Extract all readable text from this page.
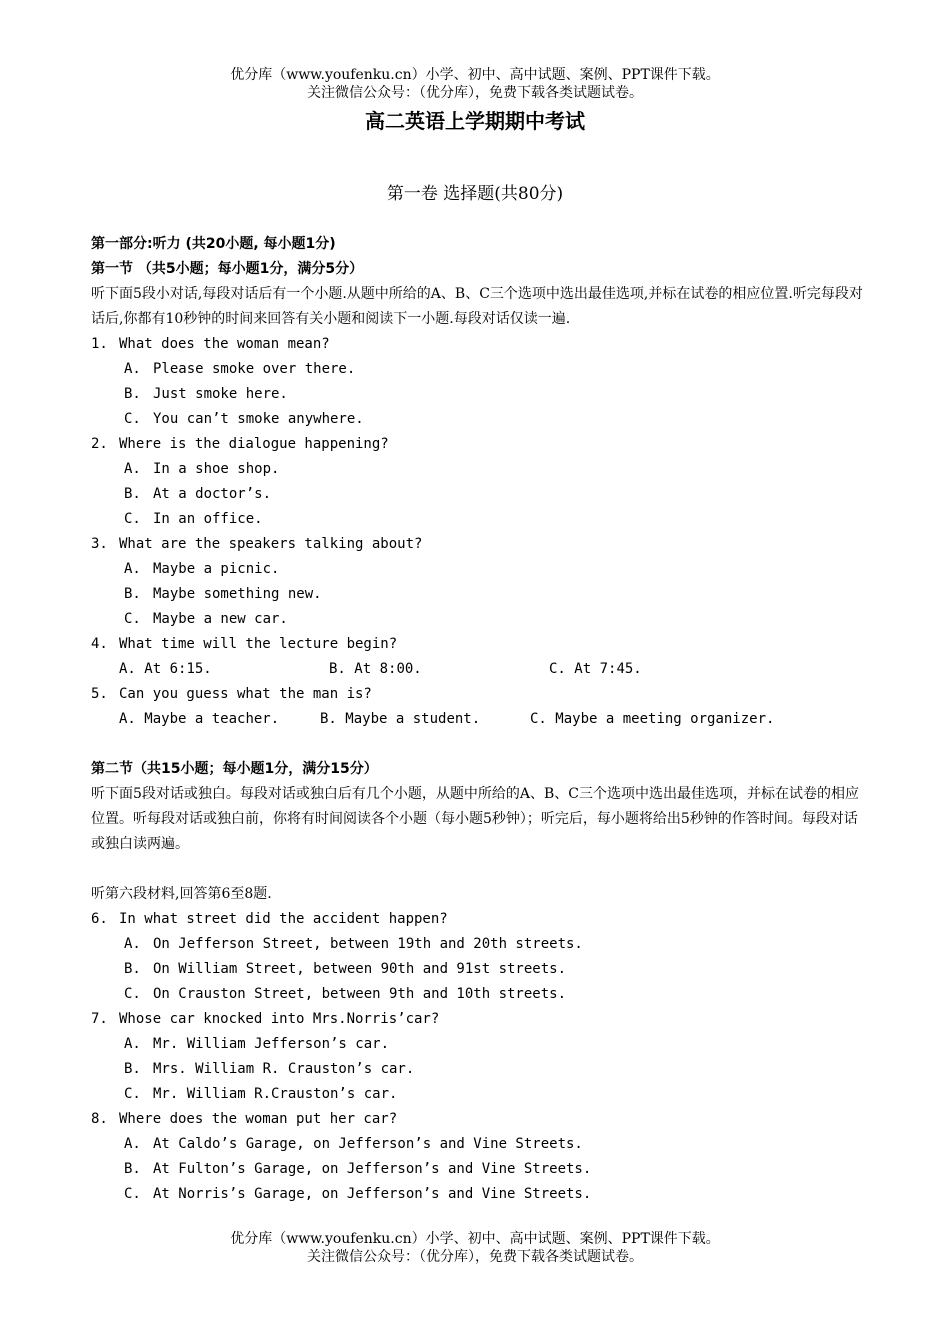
优分库（www.youfenku.cn）小学、初中、高中试题、案例、PPT课件下载。
关注微信公众号：（优分库），免费下载各类试题试卷。
高二英语上学期期中考试
第一卷 选择题(共80分)
第一部分:听力 (共20小题, 每小题1分)
第一节 （共5小题；每小题1分，满分5分）
听下面5段小对话,每段对话后有一个小题.从题中所给的A、B、C三个选项中选出最佳选项,并标在试卷的相应位置.听完每段对话后,你都有10秒钟的时间来回答有关小题和阅读下一小题.每段对话仅读一遍.
1. What does the woman mean?
A. Please smoke over there.
B. Just smoke here.
C. You can’t smoke anywhere.
2. Where is the dialogue happening?
A. In a shoe shop.
B. At a doctor’s.
C. In an office.
3. What are the speakers talking about?
A. Maybe a picnic.
B. Maybe something new.
C. Maybe a new car.
4. What time will the lecture begin?
A. At 6:15.	B. At 8:00.	C. At 7:45.
5. Can you guess what the man is?
A. Maybe a teacher.	B. Maybe a student.	C. Maybe a meeting organizer.
第二节（共15小题；每小题1分，满分15分）
听下面5段对话或独白。每段对话或独白后有几个小题，从题中所给的A、B、C三个选项中选出最佳选项，并标在试卷的相应位置。听每段对话或独白前，你将有时间阅读各个小题（每小题5秒钟）；听完后，每小题将给出5秒钟的作答时间。每段对话或独白读两遍。
听第六段材料,回答第6至8题.
6. In what street did the accident happen?
A. On Jefferson Street, between 19th and 20th streets.
B. On William Street, between 90th and 91st streets.
C. On Crauston Street, between 9th and 10th streets.
7. Whose car knocked into Mrs.Norris’car?
A. Mr. William Jefferson’s car.
B. Mrs. William R. Crauston’s car.
C. Mr. William R.Crauston’s car.
8. Where does the woman put her car?
A. At Caldo’s Garage, on Jefferson’s and Vine Streets.
B. At Fulton’s Garage, on Jefferson’s and Vine Streets.
C. At Norris’s Garage, on Jefferson’s and Vine Streets.
优分库（www.youfenku.cn）小学、初中、高中试题、案例、PPT课件下载。
关注微信公众号：（优分库），免费下载各类试题试卷。
